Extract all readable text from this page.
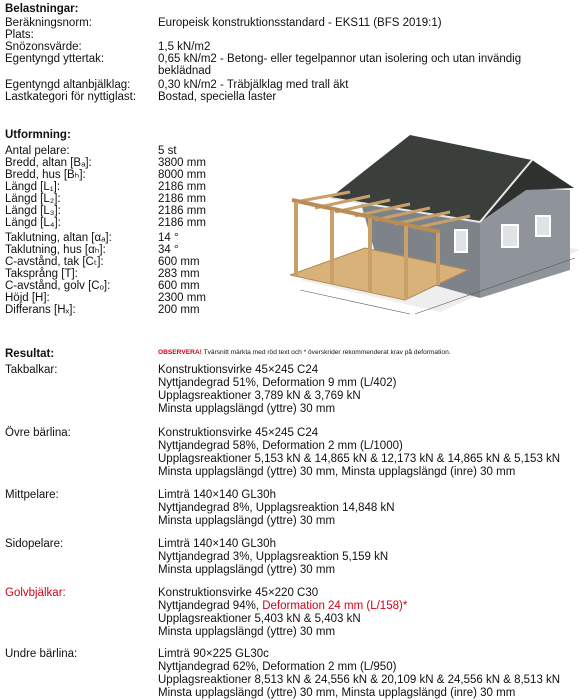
Belastningar:
Beräkningsnorm:	Europeisk konstruktionsstandard - EKS11 (BFS 2019:1)
Plats:
Snözonsvärde:	1,5 kN/m2
Egentyngd yttertak:	0,65 kN/m2 - Betong- eller tegelpannor utan isolering och utan invändig
beklädnad
Egentyngd altanbjälklag: 0,30 kN/m2 - Träbjälklag med trall äkt
Lastkategori för nyttiglast: Bostad, speciella laster
Utformning:
Antal pelare:	5 st
Bredd, altan [Bₐ]:	3800 mm
Bredd, hus [Bₕ]:	8000 mm
Längd [L₁]:	2186 mm
Längd [L₂]:	2186 mm
Längd [L₃]:	2186 mm
Längd [L₄]:	2186 mm
Taklutning, altan [αₐ]:	14 °
Taklutning, hus [αₕ]:	34 °
C-avstånd, tak [Cₜ]:	600 mm
Taksprång [T]:	283 mm
C-avstånd, golv [Cₒ]:	600 mm
Höjd [H]:	2300 mm
Differans [Hₓ]:	200 mm
Resultat:	OBSERVERA! Tvärsnitt märkta med röd text och * överskrider rekommenderat krav på deformation.
Takbalkar:	Konstruktionsvirke 45×245 C24
Nyttjandegrad 51%, Deformation 9 mm (L/402)
Upplagsreaktioner 3,789 kN & 3,769 kN
Minsta upplagslängd (yttre) 30 mm
Övre bärlina:	Konstruktionsvirke 45×245 C24
Nyttjandegrad 58%, Deformation 2 mm (L/1000)
Upplagsreaktioner 5,153 kN & 14,865 kN & 12,173 kN & 14,865 kN & 5,153 kN
Minsta upplagslängd (yttre) 30 mm, Minsta upplagslängd (inre) 30 mm
Mittpelare:	Limträ 140×140 GL30h
Nyttjandegrad 8%, Upplagsreaktion 14,848 kN
Minsta upplagslängd (yttre) 30 mm
Sidopelare:	Limträ 140×140 GL30h
Nyttjandegrad 3%, Upplagsreaktion 5,159 kN
Minsta upplagslängd (yttre) 30 mm
Golvbjälkar:	Konstruktionsvirke 45×220 C30
Nyttjandegrad 94%, Deformation 24 mm (L/158)*
Upplagsreaktioner 5,403 kN & 5,403 kN
Minsta upplagslängd (yttre) 30 mm
Undre bärlina:	Limträ 90×225 GL30c
Nyttjandegrad 62%, Deformation 2 mm (L/950)
Upplagsreaktioner 8,513 kN & 24,556 kN & 20,109 kN & 24,556 kN & 8,513 kN
Minsta upplagslängd (yttre) 30 mm, Minsta upplagslängd (inre) 30 mm
